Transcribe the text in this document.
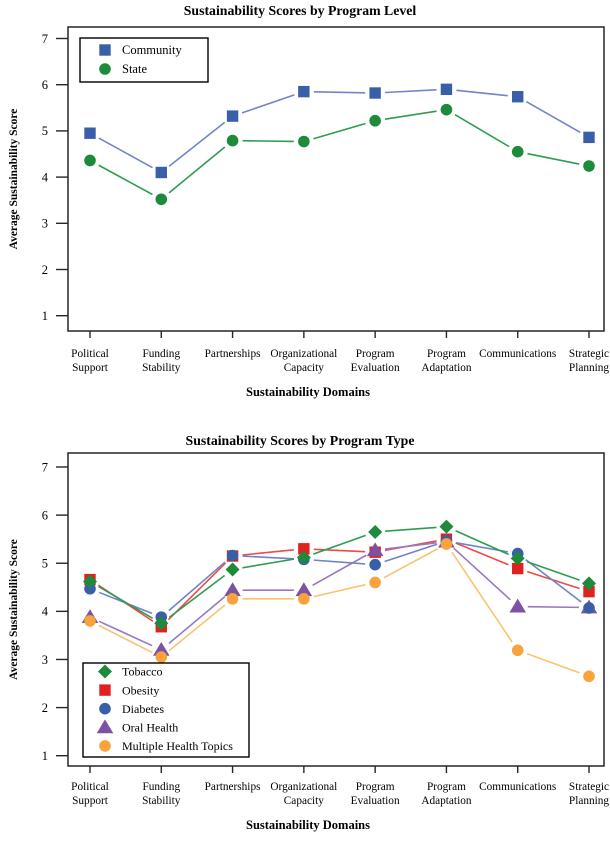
Sustainability Scores by Program Level
1
2
3
4
5
6
7
Political
Support
Funding
Stability
Partnerships Organizational
Capacity
Program
Evaluation
Program
Adaptation
Communications Strategic
Planning
Sustainability Domains
Average Sustainability Score
Community
State
Sustainability Scores by Program Type
1
2
3
4
5
6
7
Political
Support
Funding
Stability
Partnerships Organizational
Capacity
Program
Evaluation
Program
Adaptation
Communications Strategic
Planning
Sustainability Domains
Average Sustainability Score	Tobacco
Obesity
Diabetes
Oral Health
Multiple Health Topics
